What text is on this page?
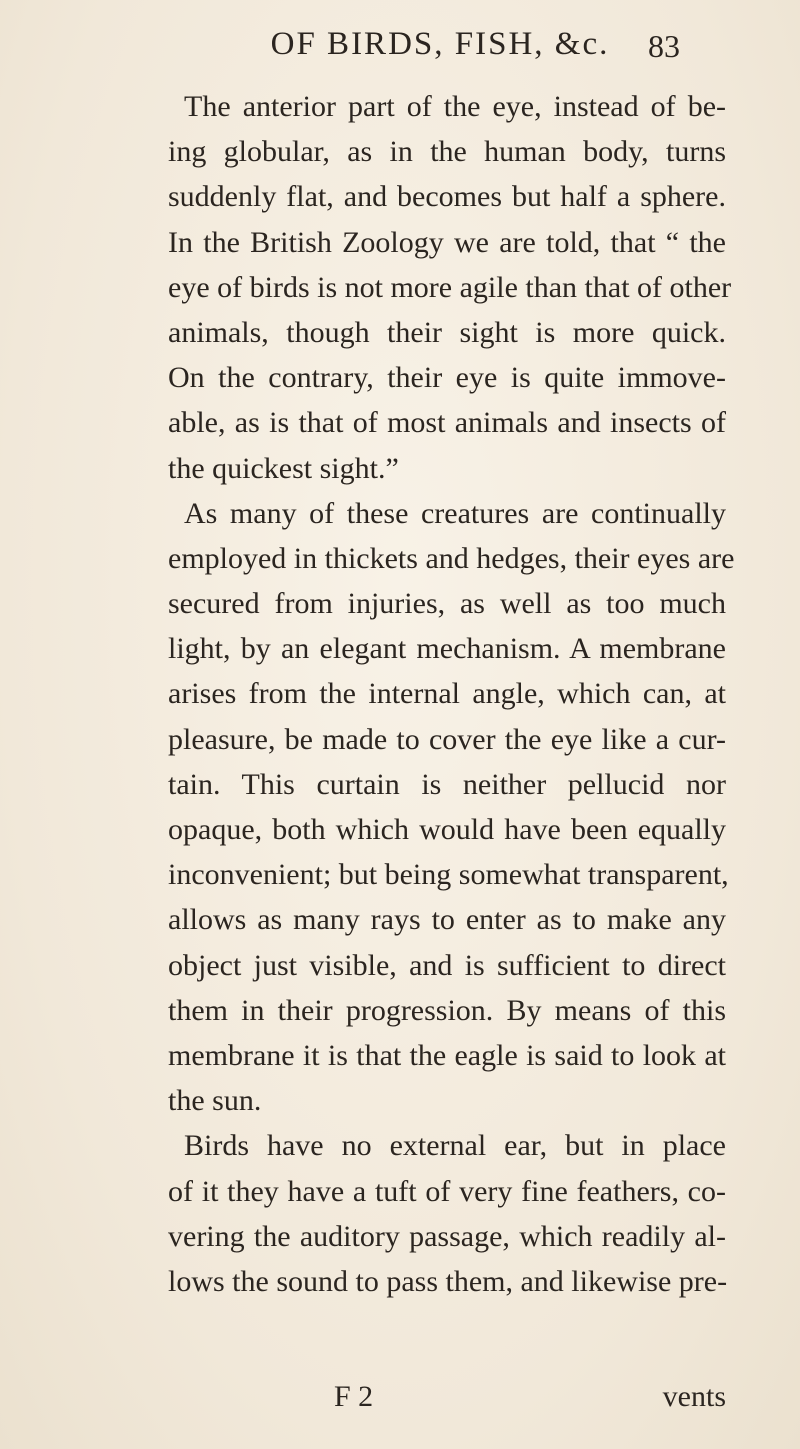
OF BIRDS, FISH, &c.	83
The anterior part of the eye, instead of be-
ing globular, as in the human body, turns
suddenly flat, and becomes but half a sphere.
In the British Zoology we are told, that “ the
eye of birds is not more agile than that of other
animals, though their sight is more quick.
On the contrary, their eye is quite immove-
able, as is that of most animals and insects of
the quickest sight.”
As many of these creatures are continually
employed in thickets and hedges, their eyes are
secured from injuries, as well as too much
light, by an elegant mechanism. A membrane
arises from the internal angle, which can, at
pleasure, be made to cover the eye like a cur-
tain. This curtain is neither pellucid nor
opaque, both which would have been equally
inconvenient; but being somewhat transparent,
allows as many rays to enter as to make any
object just visible, and is sufficient to direct
them in their progression. By means of this
membrane it is that the eagle is said to look at
the sun.
Birds have no external ear, but in place
of it they have a tuft of very fine feathers, co-
vering the auditory passage, which readily al-
lows the sound to pass them, and likewise pre-
F 2	vents
